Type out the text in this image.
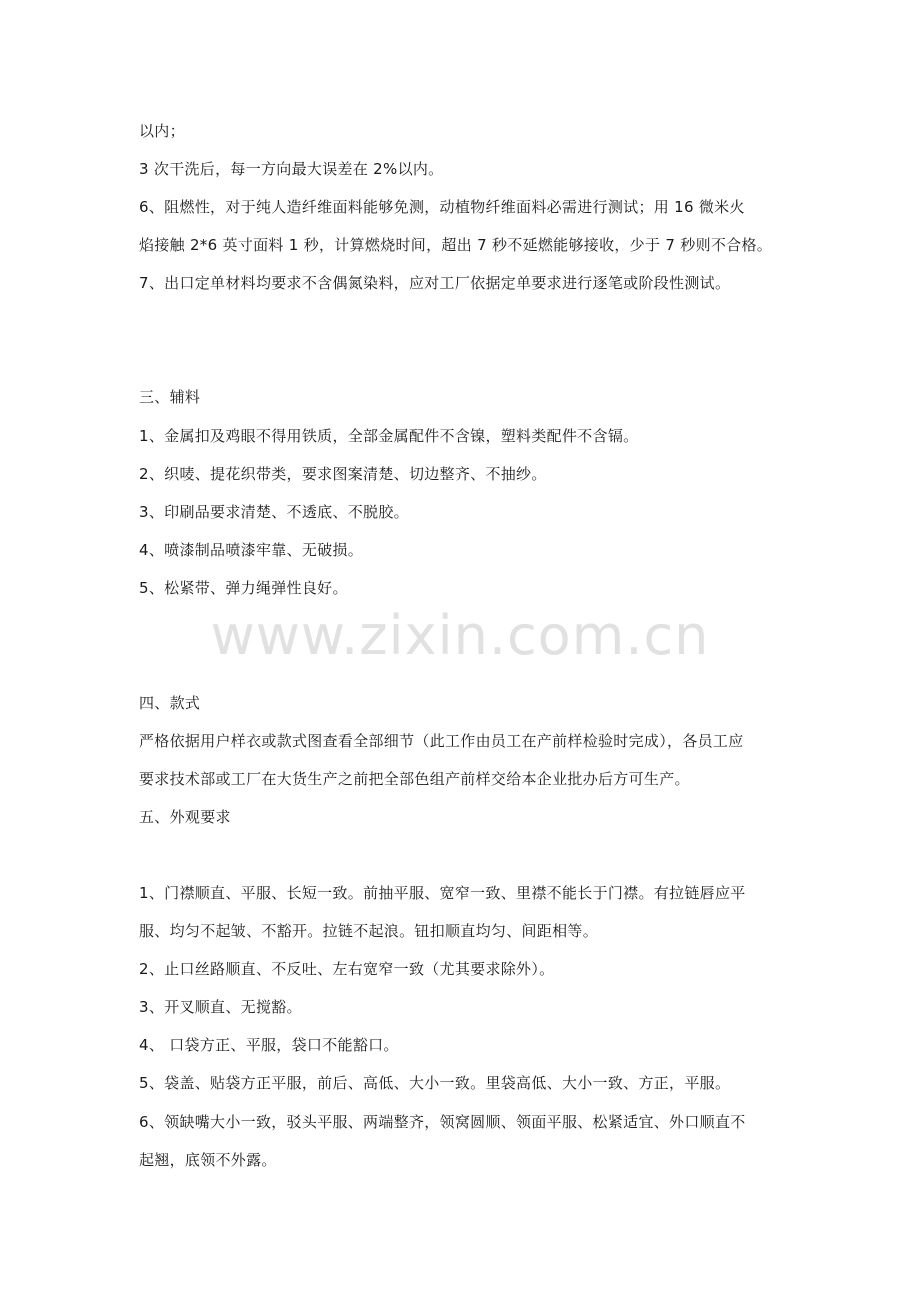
www.zixin.com.cn
以内；
3 次干洗后，每一方向最大误差在 2%以内。
6、阻燃性，对于纯人造纤维面料能够免测，动植物纤维面料必需进行测试；用 16 微米火
焰接触 2*6 英寸面料 1 秒，计算燃烧时间，超出 7 秒不延燃能够接收，少于 7 秒则不合格。
7、出口定单材料均要求不含偶氮染料，应对工厂依据定单要求进行逐笔或阶段性测试。
三、辅料
1、金属扣及鸡眼不得用铁质，全部金属配件不含镍，塑料类配件不含镉。
2、织唛、提花织带类，要求图案清楚、切边整齐、不抽纱。
3、印刷品要求清楚、不透底、不脱胶。
4、喷漆制品喷漆牢靠、无破损。
5、松紧带、弹力绳弹性良好。
四、款式
严格依据用户样衣或款式图查看全部细节（此工作由员工在产前样检验时完成），各员工应
要求技术部或工厂在大货生产之前把全部色组产前样交给本企业批办后方可生产。
五、外观要求
1、门襟顺直、平服、长短一致。前抽平服、宽窄一致、里襟不能长于门襟。有拉链唇应平
服、均匀不起皱、不豁开。拉链不起浪。钮扣顺直均匀、间距相等。
2、止口丝路顺直、不反吐、左右宽窄一致（尤其要求除外）。
3、开叉顺直、无搅豁。
4、 口袋方正、平服，袋口不能豁口。
5、袋盖、贴袋方正平服，前后、高低、大小一致。里袋高低、大小一致、方正，平服。
6、领缺嘴大小一致，驳头平服、两端整齐，领窝圆顺、领面平服、松紧适宜、外口顺直不
起翘，底领不外露。
